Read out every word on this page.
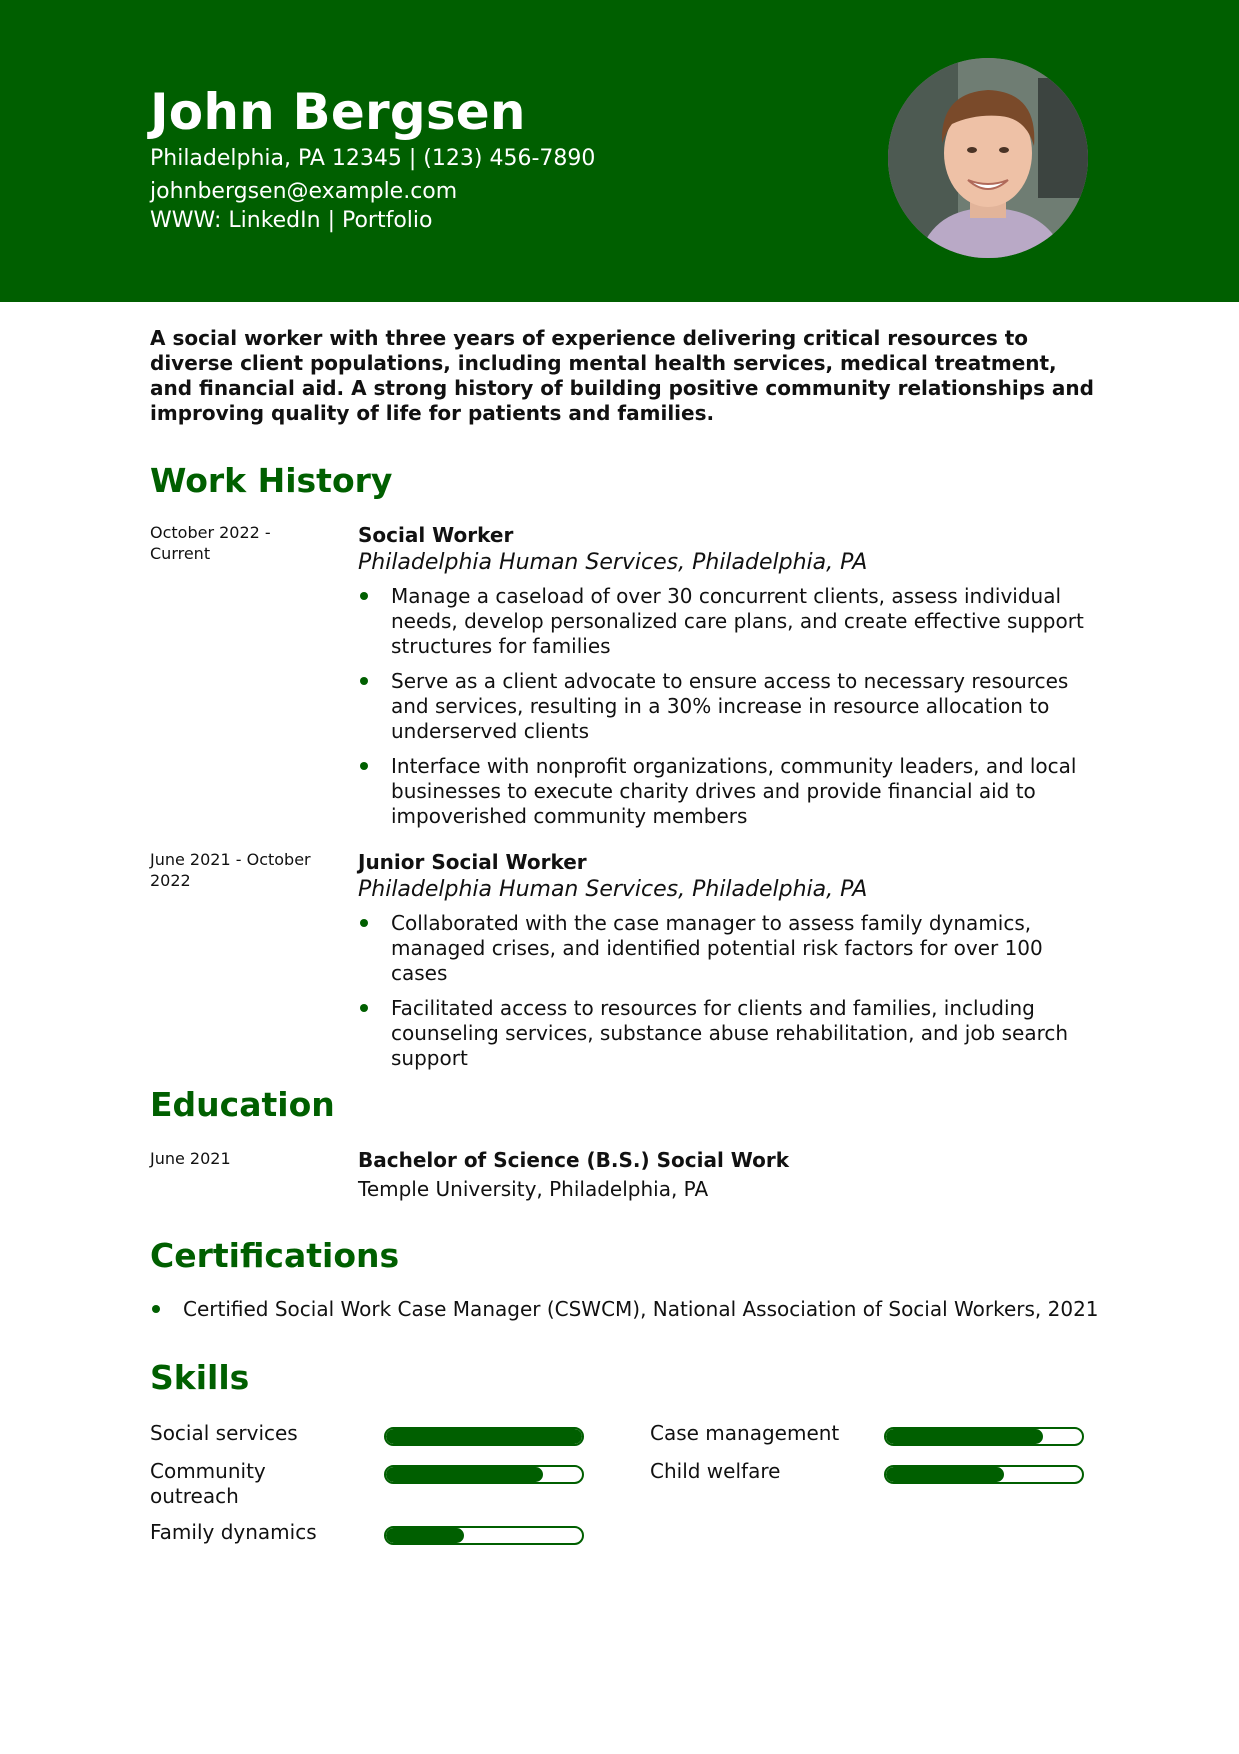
John Bergsen
Philadelphia, PA 12345 | (123) 456-7890
johnbergsen@example.com
WWW: LinkedIn | Portfolio

A social worker with three years of experience delivering critical resources to diverse client populations, including mental health services, medical treatment, and financial aid. A strong history of building positive community relationships and improving quality of life for patients and families.

Work History
October 2022 - Current

Social Worker

Philadelphia Human Services, Philadelphia, PA

Manage a caseload of over 30 concurrent clients, assess individual needs, develop personalized care plans, and create effective support structures for families
Serve as a client advocate to ensure access to necessary resources and services, resulting in a 30% increase in resource allocation to underserved clients
Interface with nonprofit organizations, community leaders, and local businesses to execute charity drives and provide financial aid to impoverished community members
June 2021 - October 2022

Junior Social Worker

Philadelphia Human Services, Philadelphia, PA

Collaborated with the case manager to assess family dynamics, managed crises, and identified potential risk factors for over 100 cases
Facilitated access to resources for clients and families, including counseling services, substance abuse rehabilitation, and job search support
Education
June 2021	Bachelor of Science (B.S.) Social Work

Temple University, Philadelphia, PA

Certifications
Certified Social Work Case Manager (CSWCM), National Association of Social Workers, 2021
Skills
Social services
Community outreach
Family dynamics
Case management
Child welfare
